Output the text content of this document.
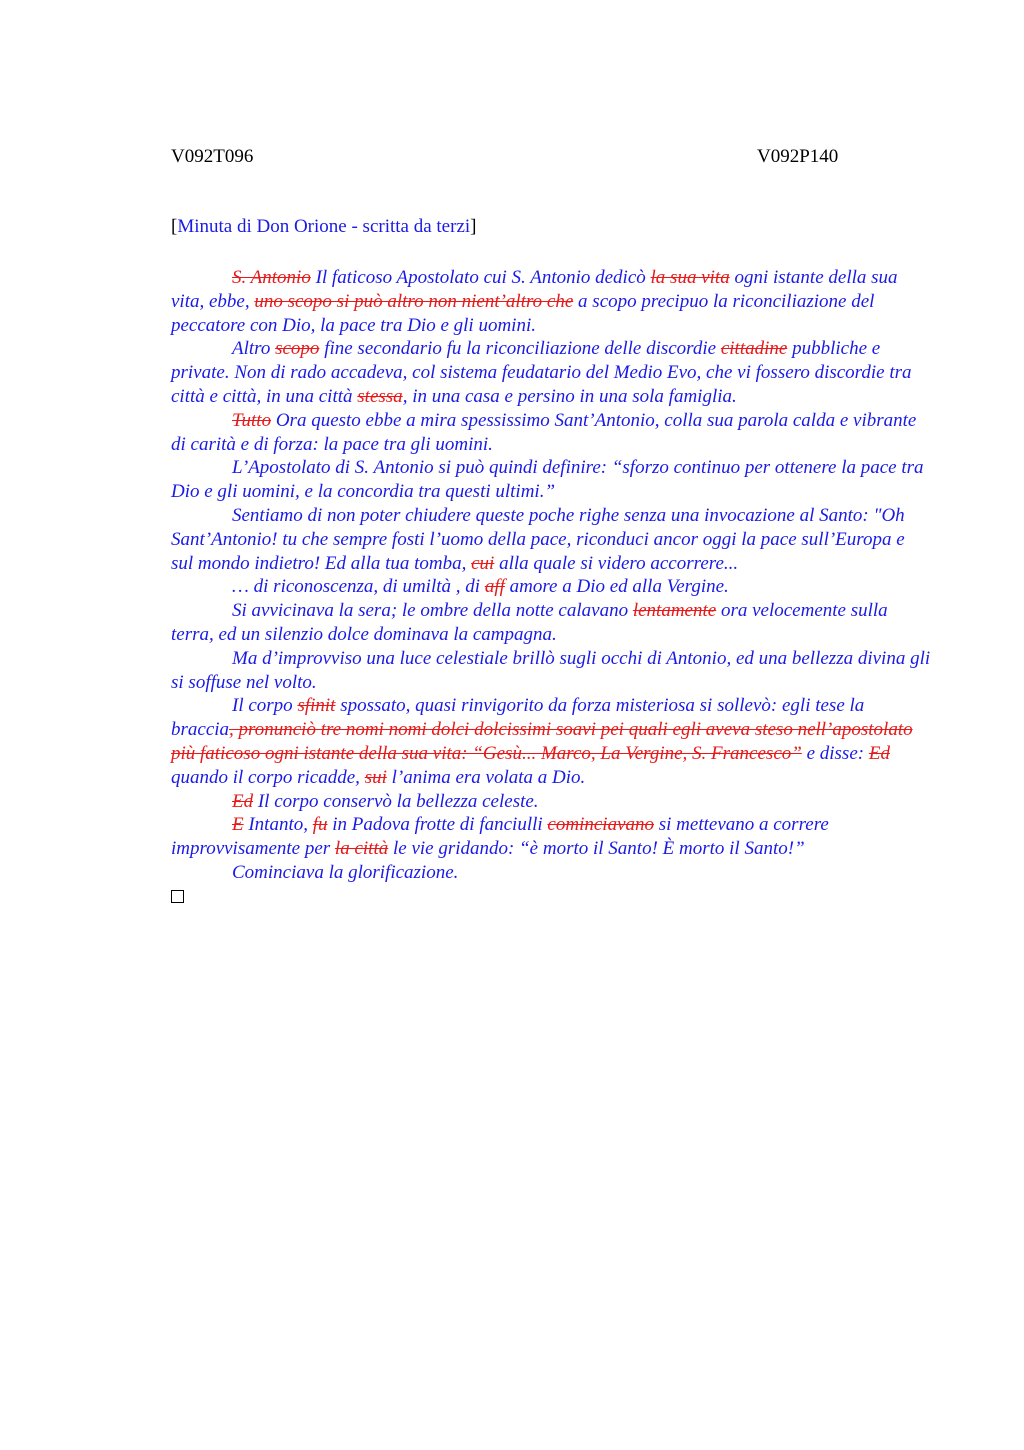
V092T096	V092P140
[Minuta di Don Orione - scritta da terzi]

S. Antonio Il faticoso Apostolato cui S. Antonio dedicò la sua vita ogni istante della sua vita, ebbe, uno scopo si può altro non nient’altro che a scopo precipuo la riconciliazione del peccatore con Dio, la pace tra Dio e gli uomini.

Altro scopo fine secondario fu la riconciliazione delle discordie cittadine pubbliche e private. Non di rado accadeva, col sistema feudatario del Medio Evo, che vi fossero discordie tra città e città, in una città stessa, in una casa e persino in una sola famiglia.

Tutto Ora questo ebbe a mira spessissimo Sant’Antonio, colla sua parola calda e vibrante di carità e di forza: la pace tra gli uomini.

L’Apostolato di S. Antonio si può quindi definire: “sforzo continuo per ottenere la pace tra Dio e gli uomini, e la concordia tra questi ultimi.”

Sentiamo di non poter chiudere queste poche righe senza una invocazione al Santo: "Oh Sant’Antonio! tu che sempre fosti l’uomo della pace, riconduci ancor oggi la pace sull’Europa e sul mondo indietro! Ed alla tua tomba, cui alla quale si videro accorrere...

… di riconoscenza, di umiltà , di aff amore a Dio ed alla Vergine.

Si avvicinava la sera; le ombre della notte calavano lentamente ora velocemente sulla terra, ed un silenzio dolce dominava la campagna.

Ma d’improvviso una luce celestiale brillò sugli occhi di Antonio, ed una bellezza divina gli si soffuse nel volto.

Il corpo sfinit spossato, quasi rinvigorito da forza misteriosa si sollevò: egli tese la braccia, pronunciò tre nomi nomi dolci dolcissimi soavi pei quali egli aveva steso nell’apostolato più faticoso ogni istante della sua vita: “Gesù... Marco, La Vergine, S. Francesco” e disse: Ed quando il corpo ricadde, sui l’anima era volata a Dio.

Ed Il corpo conservò la bellezza celeste.

E Intanto, fu in Padova frotte di fanciulli cominciavano si mettevano a correre improvvisamente per la città le vie gridando: “è morto il Santo! È morto il Santo!”

Cominciava la glorificazione.
